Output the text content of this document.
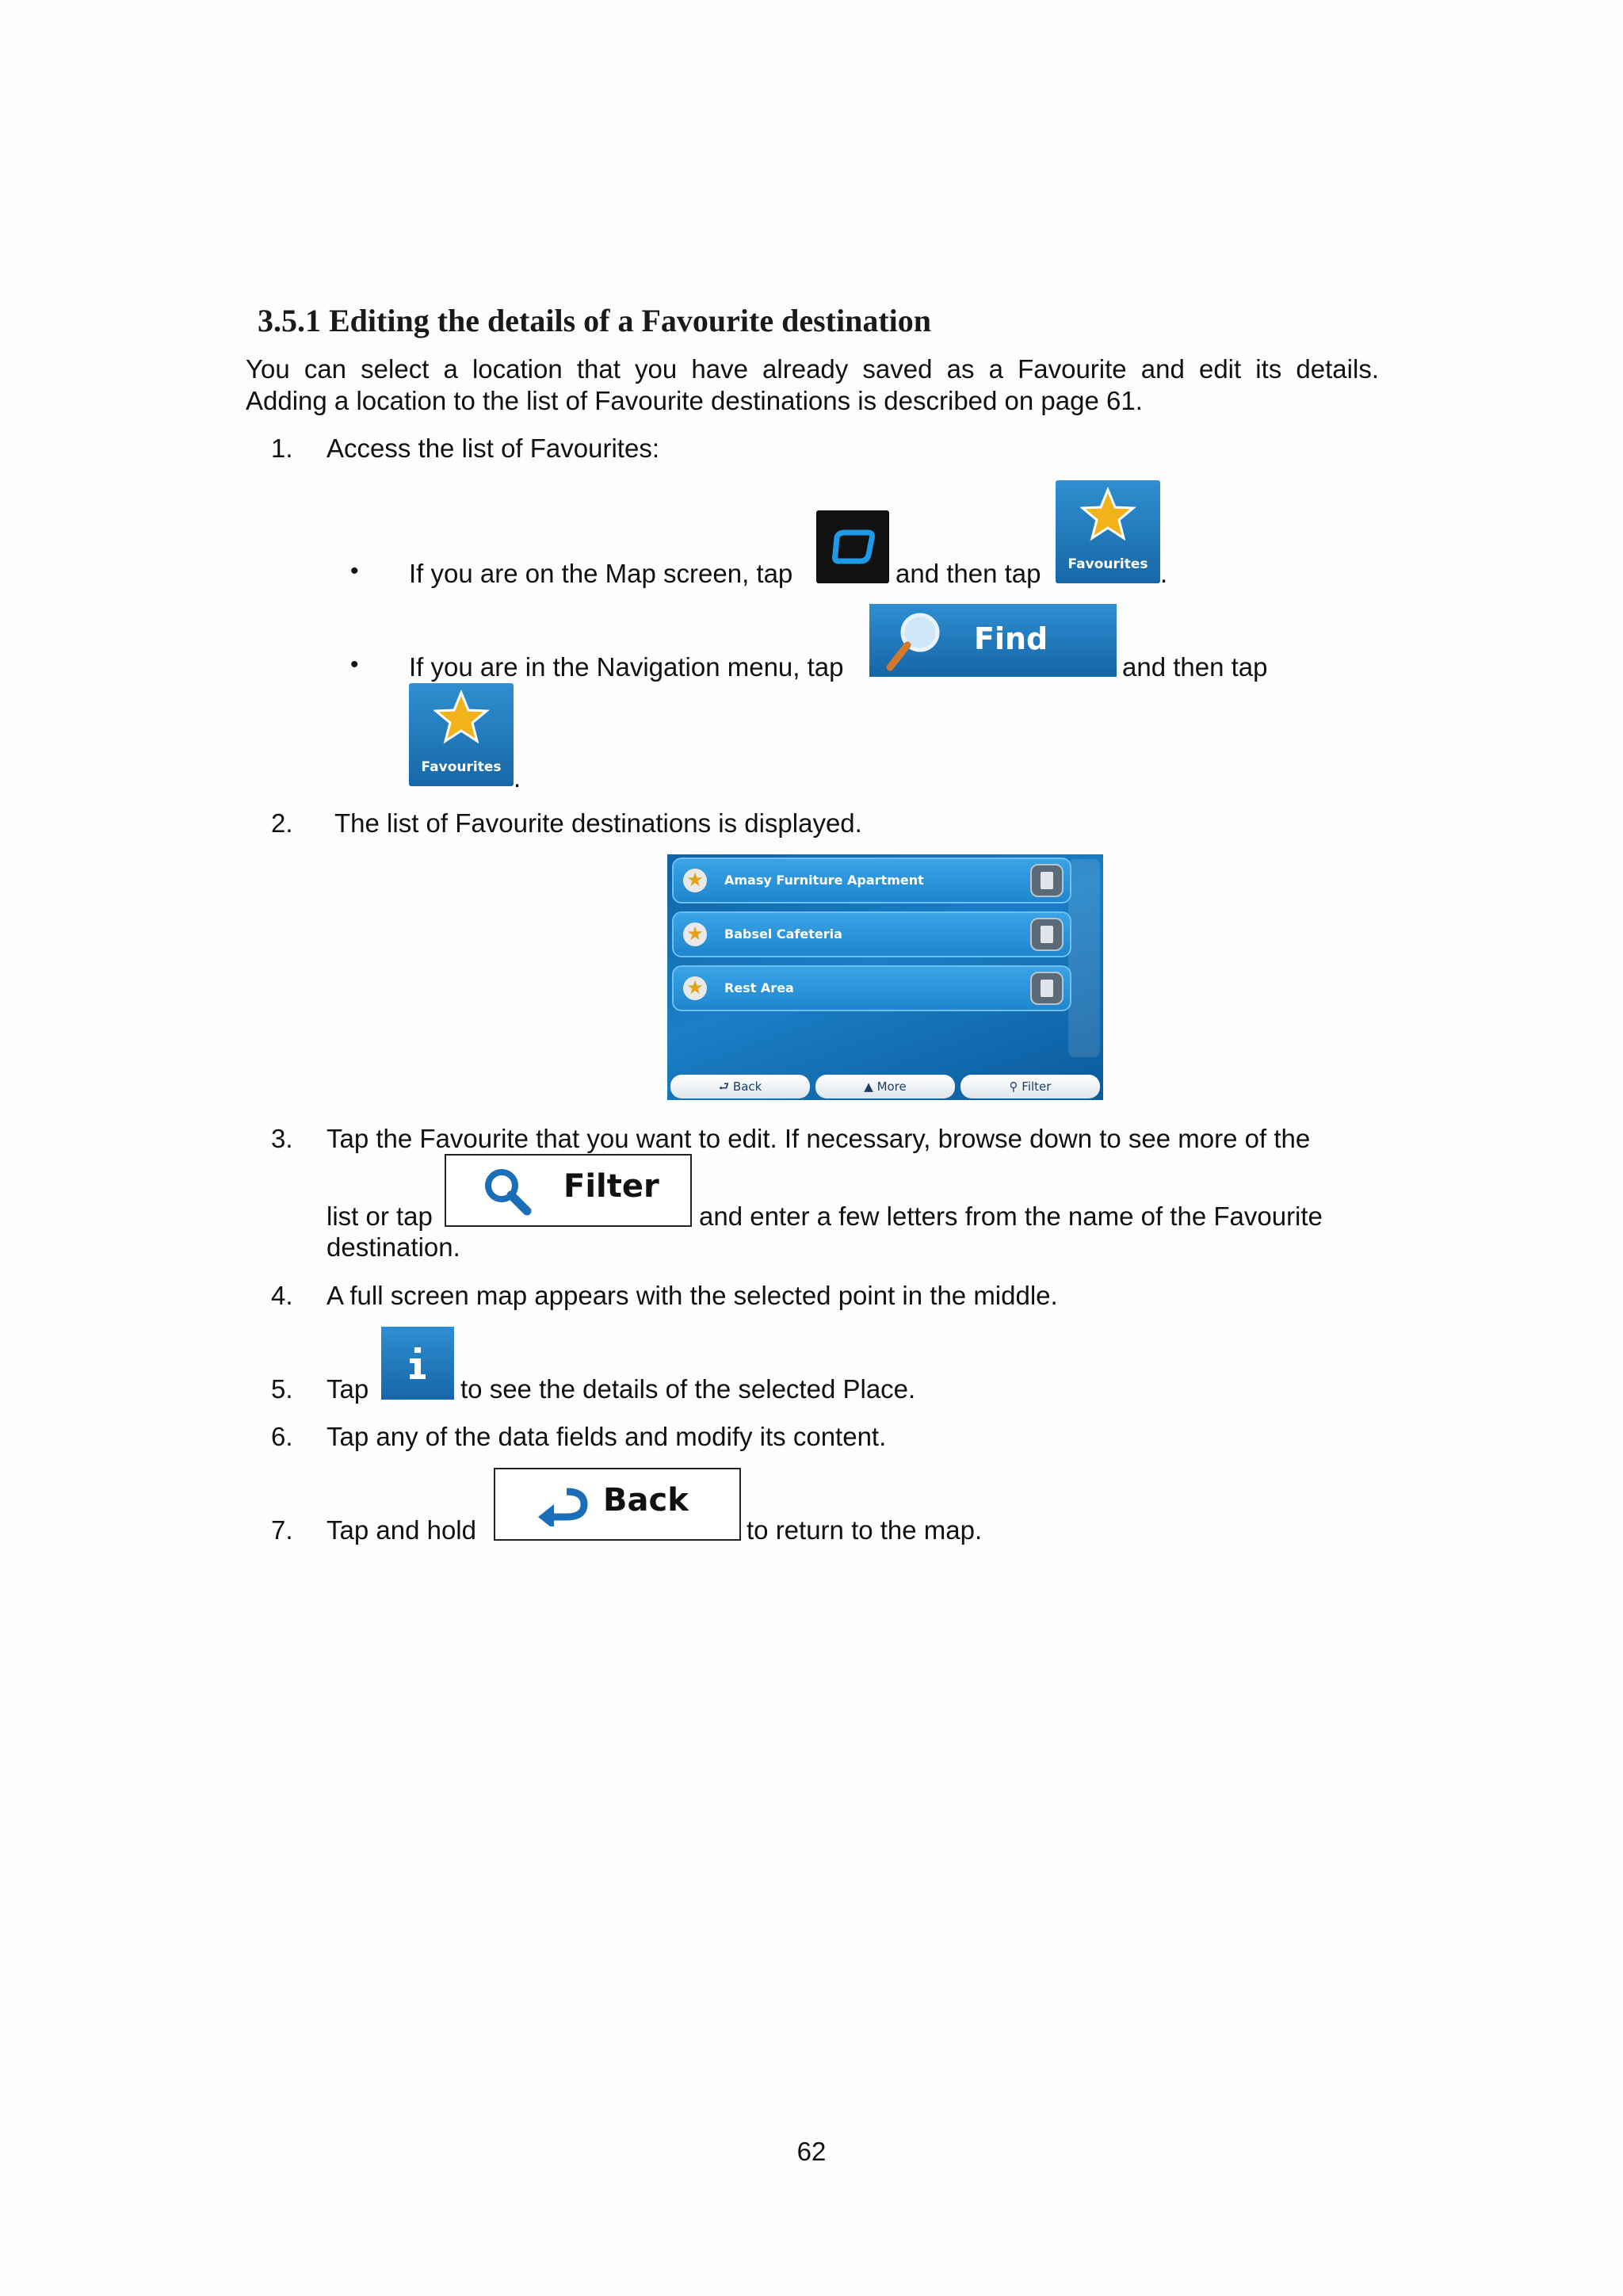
3.5.1 Editing the details of a Favourite destination

You can select a location that you have already saved as a Favourite and edit its details.

Adding a location to the list of Favourite destinations is described on page 61.

1. Access the list of Favourites:
• If you are on the Map screen, tap	and then tap	Favourites .
• If you are in the Navigation menu, tap
Find
and then tap
Favourites .
2. The list of Favourite destinations is displayed.
★ Amasy Furniture Apartment
★ Babsel Cafeteria
★ Rest Area
⮐ Back	▲ More	⚲ Filter
3. Tap the Favourite that you want to edit. If necessary, browse down to see more of the
list or tap
Filter
and enter a few letters from the name of the Favourite
destination.
4. A full screen map appears with the selected point in the middle.
5. Tap	to see the details of the selected Place.
6. Tap any of the data fields and modify its content.
7. Tap and hold
Back
to return to the map.
62
